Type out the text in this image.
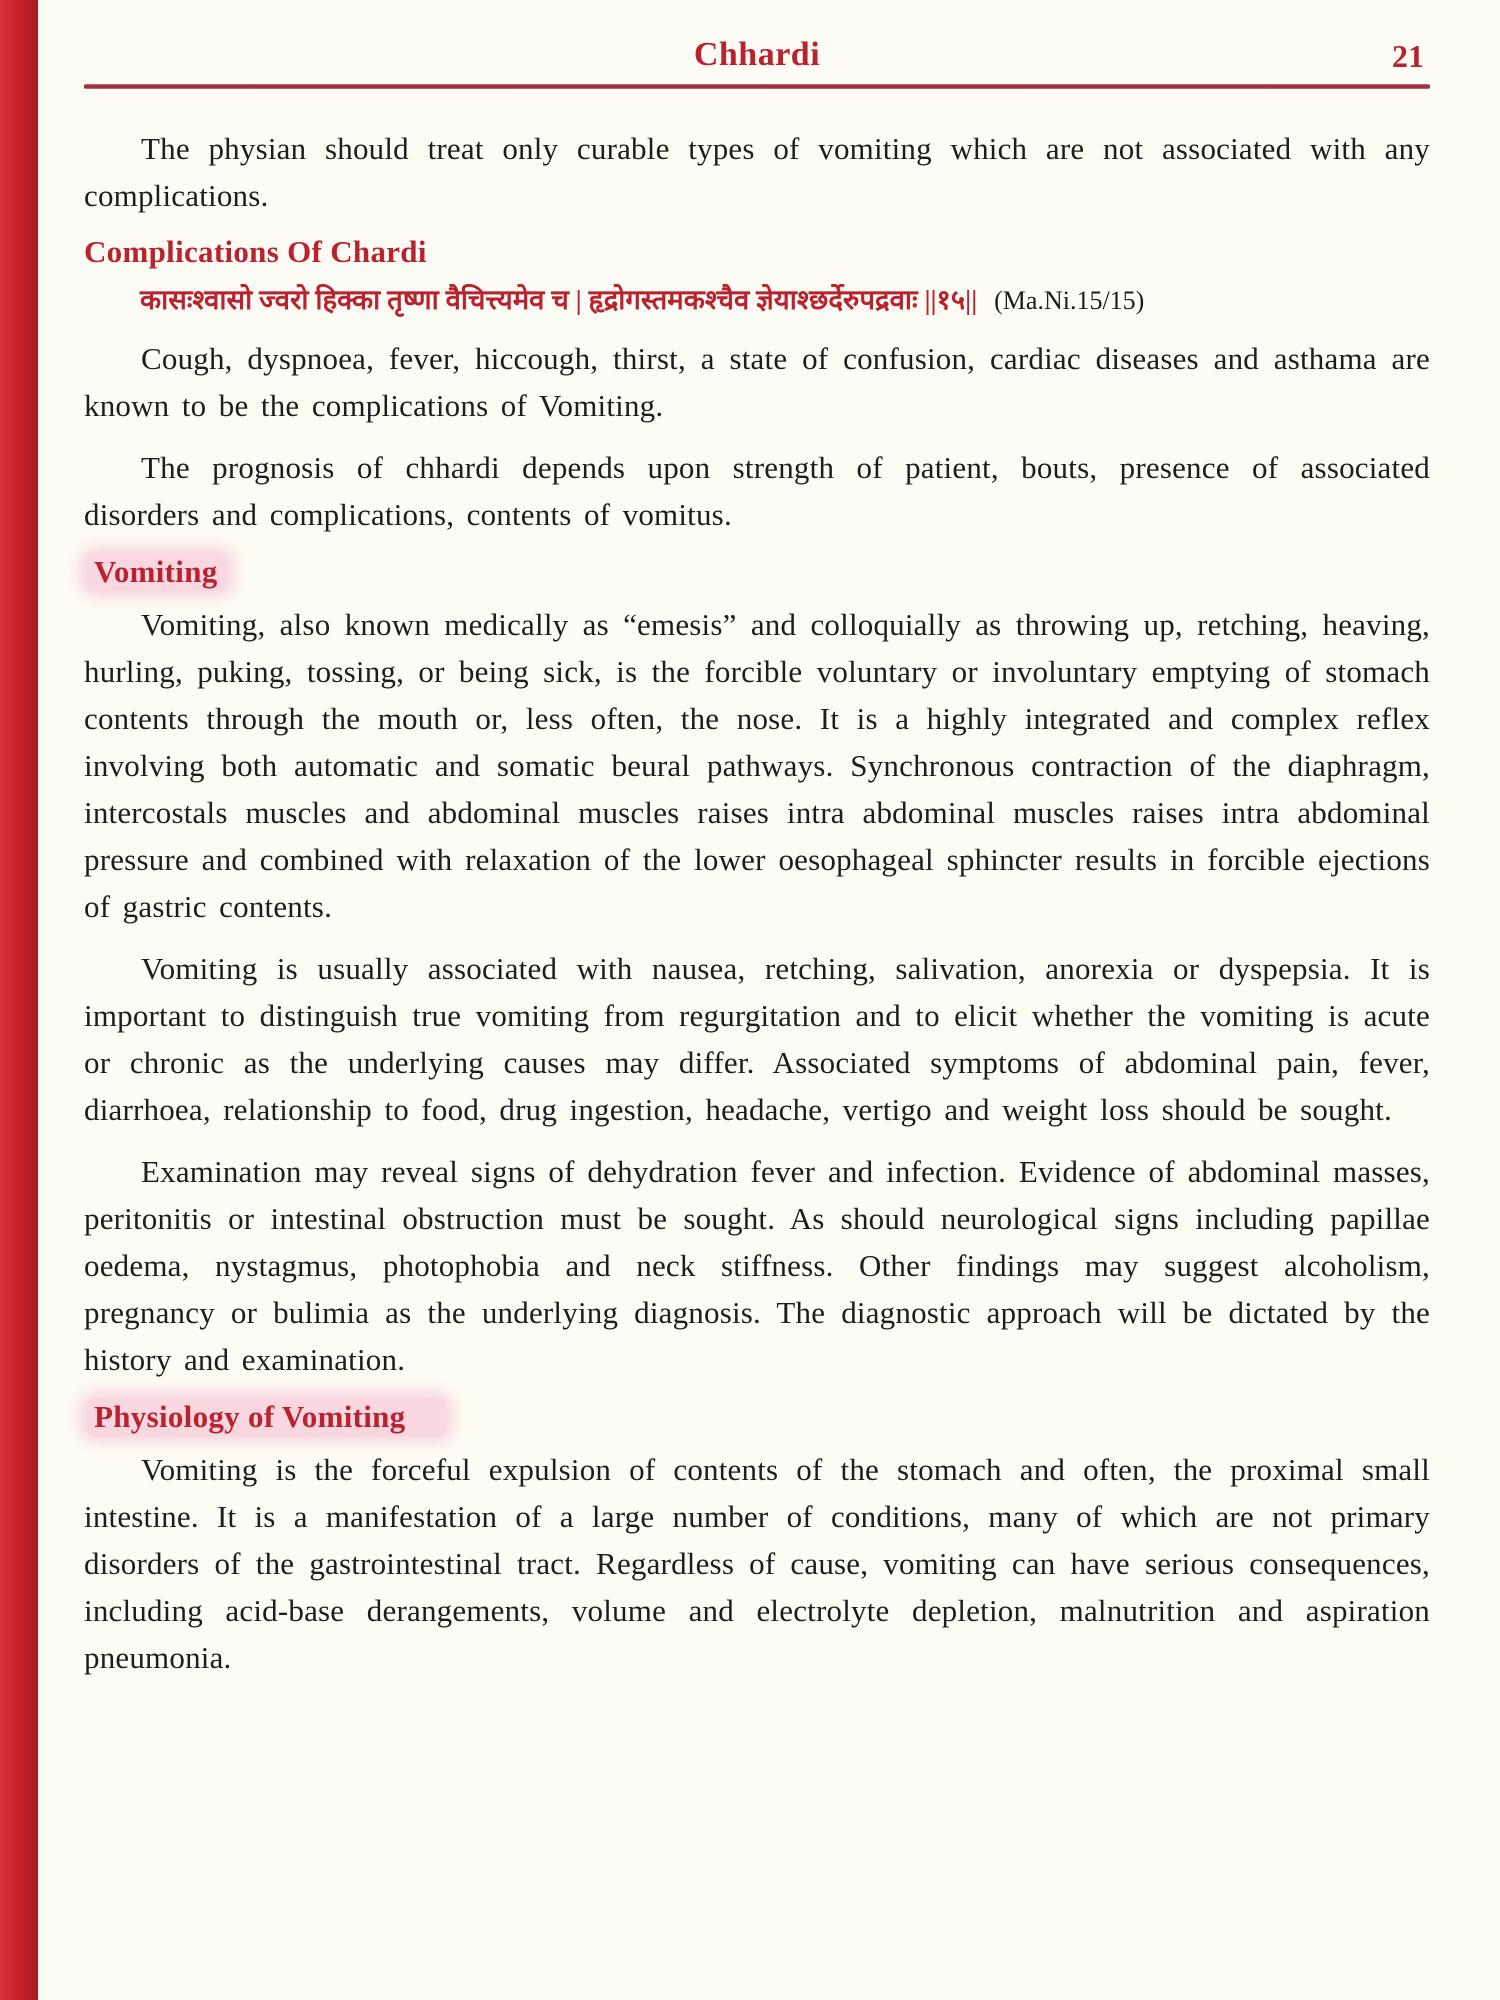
Chhardi	21

The physian should treat only curable types of vomiting which are not associated with any complications.

Complications Of Chardi
कासःश्वासो ज्वरो हिक्का तृष्णा वैचित्त्यमेव च | हृद्रोगस्तमकश्चैव ज्ञेयाश्छर्देरुपद्रवाः ||१५|| (Ma.Ni.15/15)

Cough, dyspnoea, fever, hiccough, thirst, a state of confusion, cardiac diseases and asthama are known to be the complications of Vomiting.

The prognosis of chhardi depends upon strength of patient, bouts, presence of associated disorders and complications, contents of vomitus.

Vomiting

Vomiting, also known medically as “emesis” and colloquially as throwing up, retching, heaving, hurling, puking, tossing, or being sick, is the forcible voluntary or involuntary emptying of stomach contents through the mouth or, less often, the nose. It is a highly integrated and complex reflex involving both automatic and somatic beural pathways. Synchronous contraction of the diaphragm, intercostals muscles and abdominal muscles raises intra abdominal muscles raises intra abdominal pressure and combined with relaxation of the lower oesophageal sphincter results in forcible ejections of gastric contents.

Vomiting is usually associated with nausea, retching, salivation, anorexia or dyspepsia. It is important to distinguish true vomiting from regurgitation and to elicit whether the vomiting is acute or chronic as the underlying causes may differ. Associated symptoms of abdominal pain, fever, diarrhoea, relationship to food, drug ingestion, headache, vertigo and weight loss should be sought.

Examination may reveal signs of dehydration fever and infection. Evidence of abdominal masses, peritonitis or intestinal obstruction must be sought. As should neurological signs including papillae oedema, nystagmus, photophobia and neck stiffness. Other findings may suggest alcoholism, pregnancy or bulimia as the underlying diagnosis. The diagnostic approach will be dictated by the history and examination.

Physiology of Vomiting

Vomiting is the forceful expulsion of contents of the stomach and often, the proximal small intestine. It is a manifestation of a large number of conditions, many of which are not primary disorders of the gastrointestinal tract. Regardless of cause, vomiting can have serious consequences, including acid-base derangements, volume and electrolyte depletion, malnutrition and aspiration pneumonia.
